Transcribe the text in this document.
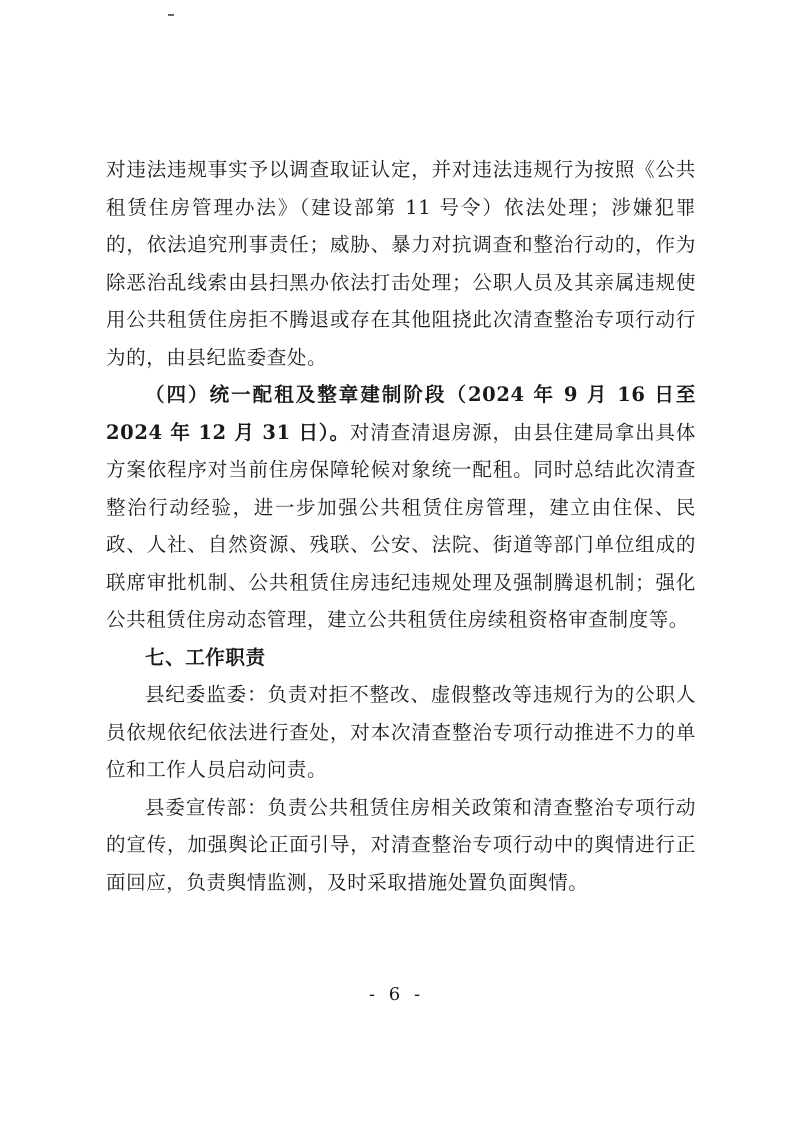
对违法违规事实予以调查取证认定，并对违法违规行为按照《公共租赁住房管理办法》（建设部第 11 号令）依法处理；涉嫌犯罪的，依法追究刑事责任；威胁、暴力对抗调查和整治行动的，作为除恶治乱线索由县扫黑办依法打击处理；公职人员及其亲属违规使用公共租赁住房拒不腾退或存在其他阻挠此次清查整治专项行动行为的，由县纪监委查处。

（四）统一配租及整章建制阶段（2024 年 9 月 16 日至 2024 年 12 月 31 日）。对清查清退房源，由县住建局拿出具体方案依程序对当前住房保障轮候对象统一配租。同时总结此次清查整治行动经验，进一步加强公共租赁住房管理，建立由住保、民政、人社、自然资源、残联、公安、法院、街道等部门单位组成的联席审批机制、公共租赁住房违纪违规处理及强制腾退机制；强化公共租赁住房动态管理，建立公共租赁住房续租资格审查制度等。

七、工作职责

县纪委监委：负责对拒不整改、虚假整改等违规行为的公职人员依规依纪依法进行查处，对本次清查整治专项行动推进不力的单位和工作人员启动问责。

县委宣传部：负责公共租赁住房相关政策和清查整治专项行动的宣传，加强舆论正面引导，对清查整治专项行动中的舆情进行正面回应，负责舆情监测，及时采取措施处置负面舆情。

- 6 -
